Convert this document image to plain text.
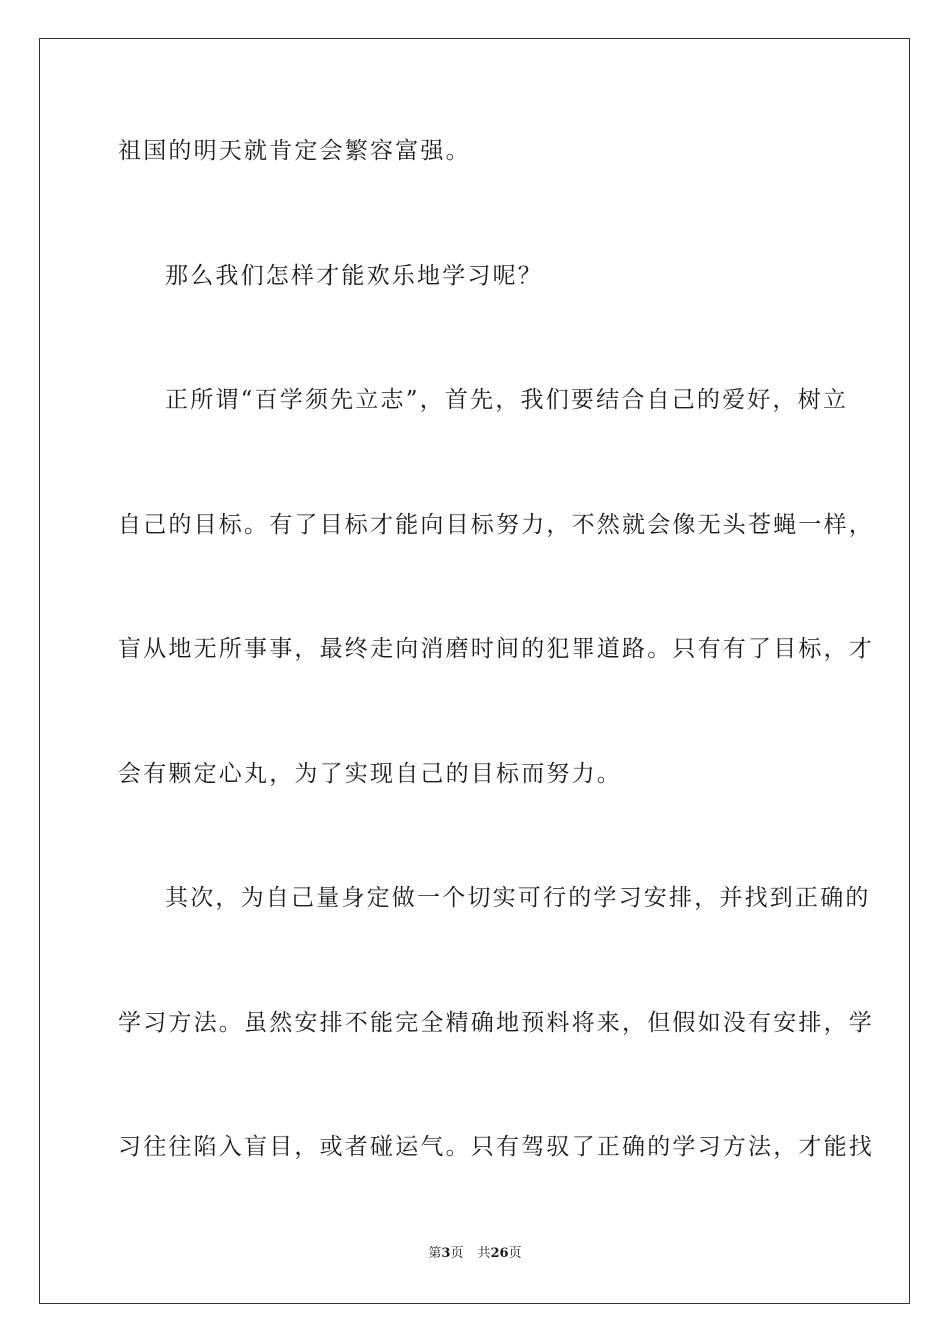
祖国的明天就肯定会繁容富强。
那么我们怎样才能欢乐地学习呢？
正所谓“百学须先立志”，首先，我们要结合自己的爱好，树立
自己的目标。有了目标才能向目标努力，不然就会像无头苍蝇一样，
盲从地无所事事，最终走向消磨时间的犯罪道路。只有有了目标，才
会有颗定心丸，为了实现自己的目标而努力。
其次，为自己量身定做一个切实可行的学习安排，并找到正确的
学习方法。虽然安排不能完全精确地预料将来，但假如没有安排，学
习往往陷入盲目，或者碰运气。只有驾驭了正确的学习方法，才能找
第3页 共26页
